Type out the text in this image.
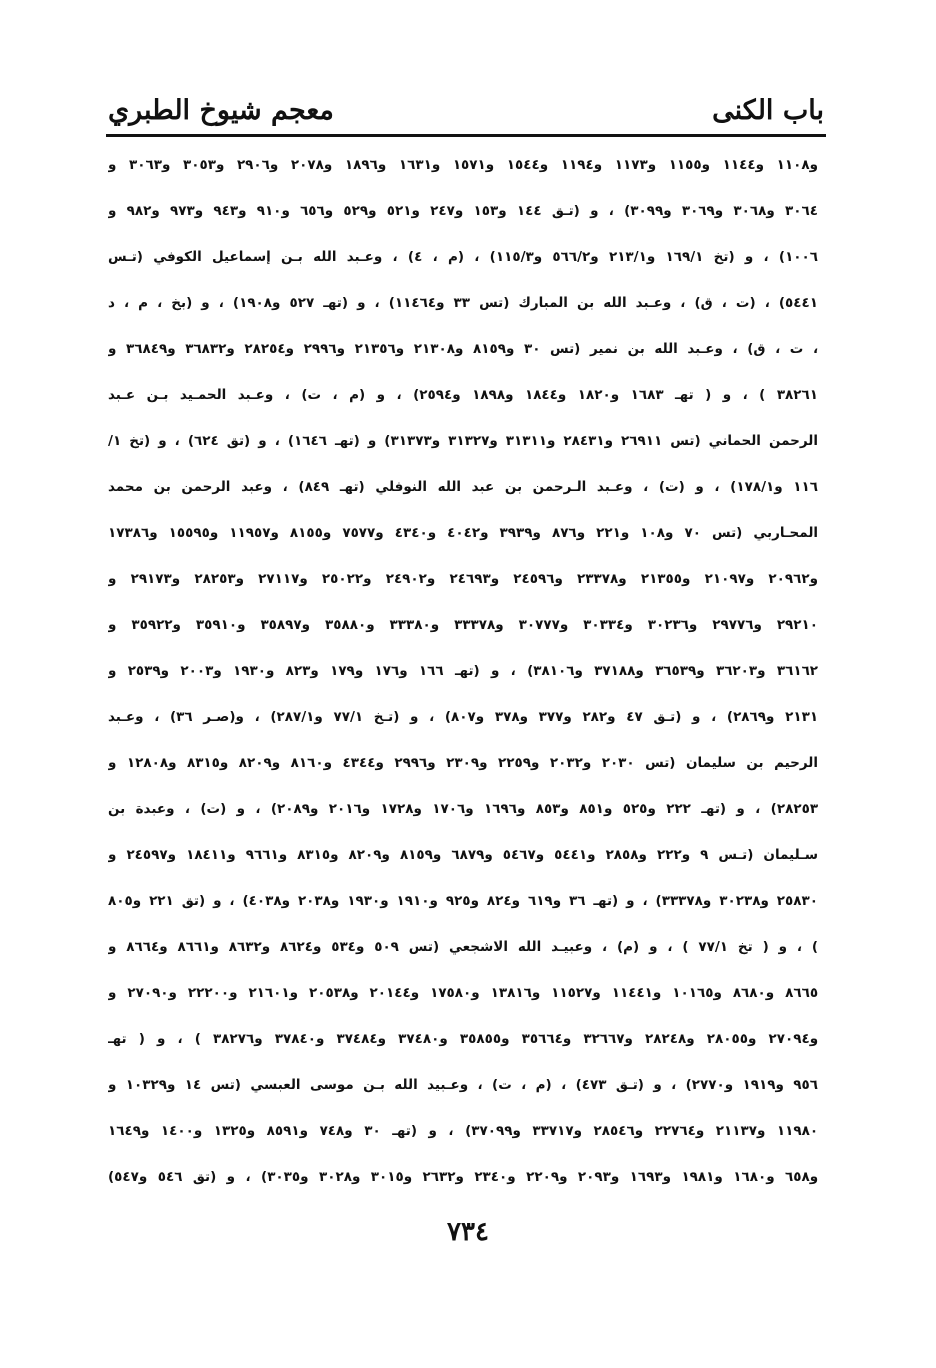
باب الكنى
معجم شيوخ الطبري
و١١٠٨ و١١٤٤ و١١٥٥ و١١٧٣ و١١٩٤ و١٥٤٤ و١٥٧١ و١٦٣١ و١٨٩٦ و٢٠٧٨ و٢٩٠٦ و٣٠٥٣ و٣٠٦٣ و
٣٠٦٤ و٣٠٦٨ و٣٠٦٩ و٣٠٩٩) ، و (تـق ١٤٤ و١٥٣ و٢٤٧ و٥٢١ و٥٢٩ و٦٥٦ و٩١٠ و٩٤٣ و٩٧٣ و٩٨٢ و
١٠٠٦) ، و (تخ ١٦٩/١ و٢١٣/١ و٥٦٦/٢ و١١٥/٣) ، (م ، ٤) ، وعـبد الله بـن إسماعيل الكوفي (تـس
٥٤٤١) ، (ت ، ق) ، وعـبد الله بن المبارك (تس ٣٣ و١١٤٦٤) ، و (تهـ ٥٢٧ و١٩٠٨) ، و (بخ ، م ، د
، ت ، ق) ، وعـبد الله بن نمير (تس ٣٠ و٨١٥٩ و٢١٣٠٨ و٢١٣٥٦ و٢٩٩٦ و٢٨٢٥٤ و٣٦٨٣٢ و٣٦٨٤٩ و
٣٨٢٦١ ) ، و ( تهـ ١٦٨٣ و١٨٢٠ و١٨٤٤ و١٨٩٨ و٢٥٩٤) ، و (م ، ت) ، وعـبد الحمـيد بـن عـبد
الرحمن الحماني (تس ٢٦٩١١ و٢٨٤٣١ و٣١٣١١ و٣١٣٢٧ و٣١٣٧٣) و (تهـ ١٦٤٦) ، و (تق ٦٢٤) ، و (تخ ١/
١١٦ و١٧٨/١) ، و (ت) ، وعـبد الـرحمن بن عبد الله النوفلي (تهـ ٨٤٩) ، وعبد الرحمن بن محمد
المحـاربي (تس ٧٠ و١٠٨ و٢٢١ و٨٧٦ و٣٩٣٩ و٤٠٤٢ و٤٣٤٠ و٧٥٧٧ و٨١٥٥ و١١٩٥٧ و١٥٥٩٥ و١٧٣٨٦
و٢٠٩٦٢ و٢١٠٩٧ و٢١٣٥٥ و٢٣٣٧٨ و٢٤٥٩٦ و٢٤٦٩٣ و٢٤٩٠٢ و٢٥٠٢٢ و٢٧١١٧ و٢٨٢٥٣ و٢٩١٧٣ و
٢٩٢١٠ و٢٩٧٧٦ و٣٠٢٣٦ و٣٠٣٣٤ و٣٠٧٧٧ و٣٣٣٧٨ و٣٣٣٨٠ و٣٥٨٨٠ و٣٥٨٩٧ و٣٥٩١٠ و٣٥٩٢٢ و
٣٦١٦٢ و٣٦٢٠٣ و٣٦٥٣٩ و٣٧١٨٨ و٣٨١٠٦) ، و (تهـ ١٦٦ و١٧٦ و١٧٩ و٨٢٣ و١٩٣٠ و٢٠٠٣ و٢٥٣٩ و
٢١٣١ و٢٨٦٩) ، و (تـق ٤٧ و٢٨٢ و٣٧٧ و٣٧٨ و٨٠٧) ، و (تـخ ٧٧/١ و٢٨٧/١) ، و(صـر ٣٦) ، وعـبد
الرحيم بن سليمان (تس ٢٠٣٠ و٢٠٣٢ و٢٢٥٩ و٢٣٠٩ و٢٩٩٦ و٤٣٤٤ و٨١٦٠ و٨٢٠٩ و٨٣١٥ و١٢٨٠٨ و
٢٨٢٥٣) ، و (تهـ ٢٢٢ و٥٢٥ و٨٥١ و٨٥٣ و١٦٩٦ و١٧٠٦ و١٧٢٨ و٢٠١٦ و٢٠٨٩) ، و (ت) ، وعبدة بن
سـليمان (تـس ٩ و٢٢٢ و٢٨٥٨ و٥٤٤١ و٥٤٦٧ و٦٨٧٩ و٨١٥٩ و٨٢٠٩ و٨٣١٥ و٩٦٦١ و١٨٤١١ و٢٤٥٩٧ و
٢٥٨٣٠ و٣٠٢٣٨ و٣٣٣٧٨) ، و (تهـ ٣٦ و٦١٩ و٨٢٤ و٩٢٥ و١٩١٠ و١٩٣٠ و٢٠٣٨ و٤٠٣٨) ، و (تق ٢٢١ و٨٠٥
) ، و ( تخ ٧٧/١ ) ، و (م) ، وعبيـد الله الاشجعي (تس ٥٠٩ و٥٣٤ و٨٦٢٤ و٨٦٣٢ و٨٦٦١ و٨٦٦٤ و
٨٦٦٥ و٨٦٨٠ و١٠١٦٥ و١١٤٤١ و١١٥٢٧ و١٣٨١٦ و١٧٥٨٠ و٢٠١٤٤ و٢٠٥٣٨ و٢١٦٠١ و٢٢٢٠٠ و٢٧٠٩٠ و
و٢٧٠٩٤ و٢٨٠٥٥ و٢٨٢٤٨ و٣٢٦٦٧ و٣٥٦٦٤ و٣٥٨٥٥ و٣٧٤٨٠ و٣٧٤٨٤ و٣٧٨٤٠ و٣٨٢٧٦ ) ، و ( تهـ
٩٥٦ و١٩١٩ و٢٧٧٠) ، و (تـق ٤٧٣) ، (م ، ت) ، وعـبيد الله بـن موسى العبسي (تس ١٤ و١٠٣٢٩ و
١١٩٨٠ و٢١١٣٧ و٢٢٧٦٤ و٢٨٥٤٦ و٣٣٧١٧ و٣٧٠٩٩) ، و (تهـ ٣٠ و٧٤٨ و٨٥٩١ و١٣٢٥ و١٤٠٠ و١٦٤٩
و٦٥٨ و١٦٨٠ و١٩٨١ و١٦٩٣ و٢٠٩٣ و٢٢٠٩ و٢٣٤٠ و٢٦٣٢ و٣٠١٥ و٣٠٢٨ و٣٠٣٥) ، و (تق ٥٤٦ و٥٤٧)
٧٣٤
